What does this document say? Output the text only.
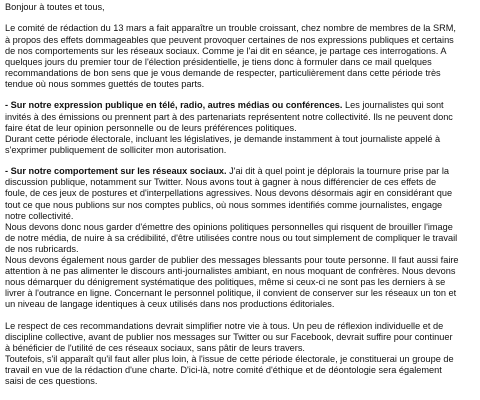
Bonjour à toutes et tous,
Le comité de rédaction du 13 mars a fait apparaître un trouble croissant, chez nombre de membres de la SRM,
à propos des effets dommageables que peuvent provoquer certaines de nos expressions publiques et certains
de nos comportements sur les réseaux sociaux. Comme je l'ai dit en séance, je partage ces interrogations. A
quelques jours du premier tour de l'élection présidentielle, je tiens donc à formuler dans ce mail quelques
recommandations de bon sens que je vous demande de respecter, particulièrement dans cette période très
tendue où nous sommes guettés de toutes parts.
- Sur notre expression publique en télé, radio, autres médias ou conférences. Les journalistes qui sont
invités à des émissions ou prennent part à des partenariats représentent notre collectivité. Ils ne peuvent donc
faire état de leur opinion personnelle ou de leurs préférences politiques.
Durant cette période électorale, incluant les législatives, je demande instamment à tout journaliste appelé à
s'exprimer publiquement de solliciter mon autorisation.
- Sur notre comportement sur les réseaux sociaux. J'ai dit à quel point je déplorais la tournure prise par la
discussion publique, notamment sur Twitter. Nous avons tout à gagner à nous différencier de ces effets de
foule, de ces jeux de postures et d'interpellations agressives. Nous devons désormais agir en considérant que
tout ce que nous publions sur nos comptes publics, où nous sommes identifiés comme journalistes, engage
notre collectivité.
Nous devons donc nous garder d'émettre des opinions politiques personnelles qui risquent de brouiller l'image
de notre média, de nuire à sa crédibilité, d'être utilisées contre nous ou tout simplement de compliquer le travail
de nos rubricards.
Nous devons également nous garder de publier des messages blessants pour toute personne. Il faut aussi faire
attention à ne pas alimenter le discours anti-journalistes ambiant, en nous moquant de confrères. Nous devons
nous démarquer du dénigrement systématique des politiques, même si ceux-ci ne sont pas les derniers à se
livrer à l'outrance en ligne. Concernant le personnel politique, il convient de conserver sur les réseaux un ton et
un niveau de langage identiques à ceux utilisés dans nos productions éditoriales.
Le respect de ces recommandations devrait simplifier notre vie à tous. Un peu de réflexion individuelle et de
discipline collective, avant de publier nos messages sur Twitter ou sur Facebook, devrait suffire pour continuer
à bénéficier de l'utilité de ces réseaux sociaux, sans pâtir de leurs travers.
Toutefois, s'il apparaît qu'il faut aller plus loin, à l'issue de cette période électorale, je constituerai un groupe de
travail en vue de la rédaction d'une charte. D'ici-là, notre comité d'éthique et de déontologie sera également
saisi de ces questions.
